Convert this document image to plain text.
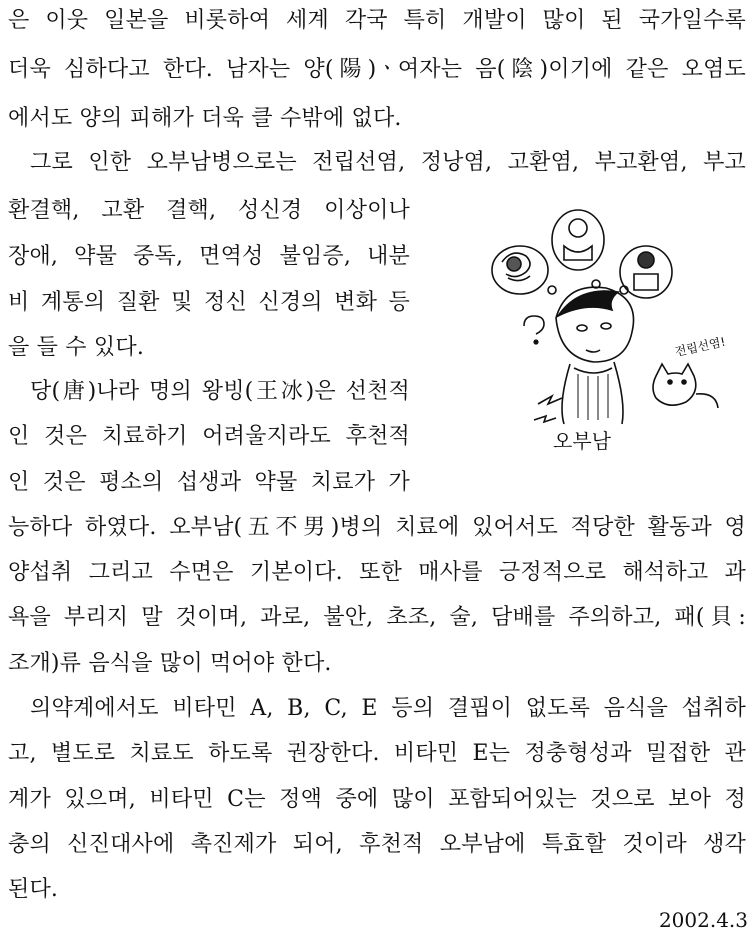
은 이웃 일본을 비롯하여 세계 각국 특히 개발이 많이 된 국가일수록
더욱 심하다고 한다. 남자는 양(陽)ㆍ여자는 음(陰)이기에 같은 오염도
에서도 양의 피해가 더욱 클 수밖에 없다.
그로 인한 오부남병으로는 전립선염, 정낭염, 고환염, 부고환염, 부고
환결핵, 고환 결핵, 성신경 이상이나
장애, 약물 중독, 면역성 불임증, 내분
비 계통의 질환 및 정신 신경의 변화 등
을 들 수 있다.
당(唐)나라 명의 왕빙(王冰)은 선천적
인 것은 치료하기 어려울지라도 후천적
인 것은 평소의 섭생과 약물 치료가 가
능하다 하였다. 오부남(五不男)병의 치료에 있어서도 적당한 활동과 영
양섭취 그리고 수면은 기본이다. 또한 매사를 긍정적으로 해석하고 과
욕을 부리지 말 것이며, 과로, 불안, 초조, 술, 담배를 주의하고, 패(貝:
조개)류 음식을 많이 먹어야 한다.
의약계에서도 비타민 A, B, C, E 등의 결핍이 없도록 음식을 섭취하
고, 별도로 치료도 하도록 권장한다. 비타민 E는 정충형성과 밀접한 관
계가 있으며, 비타민 C는 정액 중에 많이 포함되어있는 것으로 보아 정
충의 신진대사에 촉진제가 되어, 후천적 오부남에 특효할 것이라 생각
된다.
전립선염!
오부남
2002.4.3
